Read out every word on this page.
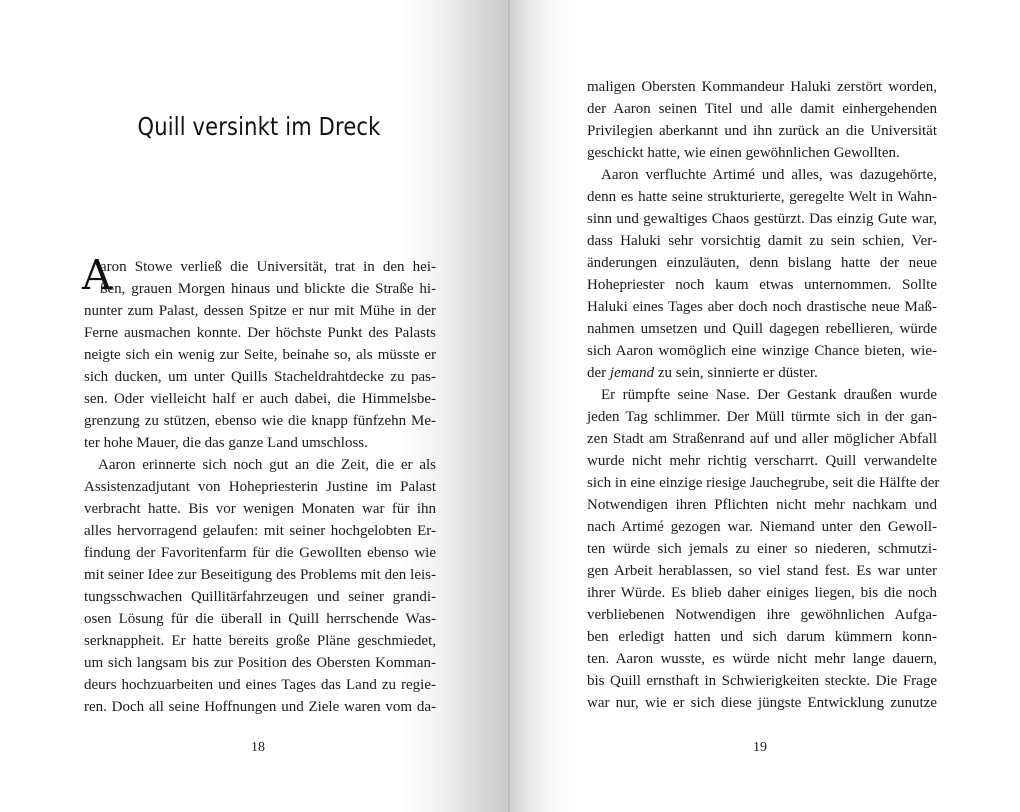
Quill versinkt im Dreck
A
aron Stowe verließ die Universität, trat in den hei-
ßen, grauen Morgen hinaus und blickte die Straße hi-
nunter zum Palast, dessen Spitze er nur mit Mühe in der
Ferne ausmachen konnte. Der höchste Punkt des Palasts
neigte sich ein wenig zur Seite, beinahe so, als müsste er
sich ducken, um unter Quills Stacheldrahtdecke zu pas-
sen. Oder vielleicht half er auch dabei, die Himmelsbe-
grenzung zu stützen, ebenso wie die knapp fünfzehn Me-
ter hohe Mauer, die das ganze Land umschloss.
Aaron erinnerte sich noch gut an die Zeit, die er als
Assistenzadjutant von Hohepriesterin Justine im Palast
verbracht hatte. Bis vor wenigen Monaten war für ihn
alles hervorragend gelaufen: mit seiner hochgelobten Er-
findung der Favoritenfarm für die Gewollten ebenso wie
mit seiner Idee zur Beseitigung des Problems mit den leis-
tungsschwachen Quillitärfahrzeugen und seiner grandi-
osen Lösung für die überall in Quill herrschende Was-
serknappheit. Er hatte bereits große Pläne geschmiedet,
um sich langsam bis zur Position des Obersten Komman-
deurs hochzuarbeiten und eines Tages das Land zu regie-
ren. Doch all seine Hoffnungen und Ziele waren vom da-
18
maligen Obersten Kommandeur Haluki zerstört worden,
der Aaron seinen Titel und alle damit einhergehenden
Privilegien aberkannt und ihn zurück an die Universität
geschickt hatte, wie einen gewöhnlichen Gewollten.
Aaron verfluchte Artimé und alles, was dazugehörte,
denn es hatte seine strukturierte, geregelte Welt in Wahn-
sinn und gewaltiges Chaos gestürzt. Das einzig Gute war,
dass Haluki sehr vorsichtig damit zu sein schien, Ver-
änderungen einzuläuten, denn bislang hatte der neue
Hohepriester noch kaum etwas unternommen. Sollte
Haluki eines Tages aber doch noch drastische neue Maß-
nahmen umsetzen und Quill dagegen rebellieren, würde
sich Aaron womöglich eine winzige Chance bieten, wie-
der jemand zu sein, sinnierte er düster.
Er rümpfte seine Nase. Der Gestank draußen wurde
jeden Tag schlimmer. Der Müll türmte sich in der gan-
zen Stadt am Straßenrand auf und aller möglicher Abfall
wurde nicht mehr richtig verscharrt. Quill verwandelte
sich in eine einzige riesige Jauchegrube, seit die Hälfte der
Notwendigen ihren Pflichten nicht mehr nachkam und
nach Artimé gezogen war. Niemand unter den Gewoll-
ten würde sich jemals zu einer so niederen, schmutzi-
gen Arbeit herablassen, so viel stand fest. Es war unter
ihrer Würde. Es blieb daher einiges liegen, bis die noch
verbliebenen Notwendigen ihre gewöhnlichen Aufga-
ben erledigt hatten und sich darum kümmern konn-
ten. Aaron wusste, es würde nicht mehr lange dauern,
bis Quill ernsthaft in Schwierigkeiten steckte. Die Frage
war nur, wie er sich diese jüngste Entwicklung zunutze
19
